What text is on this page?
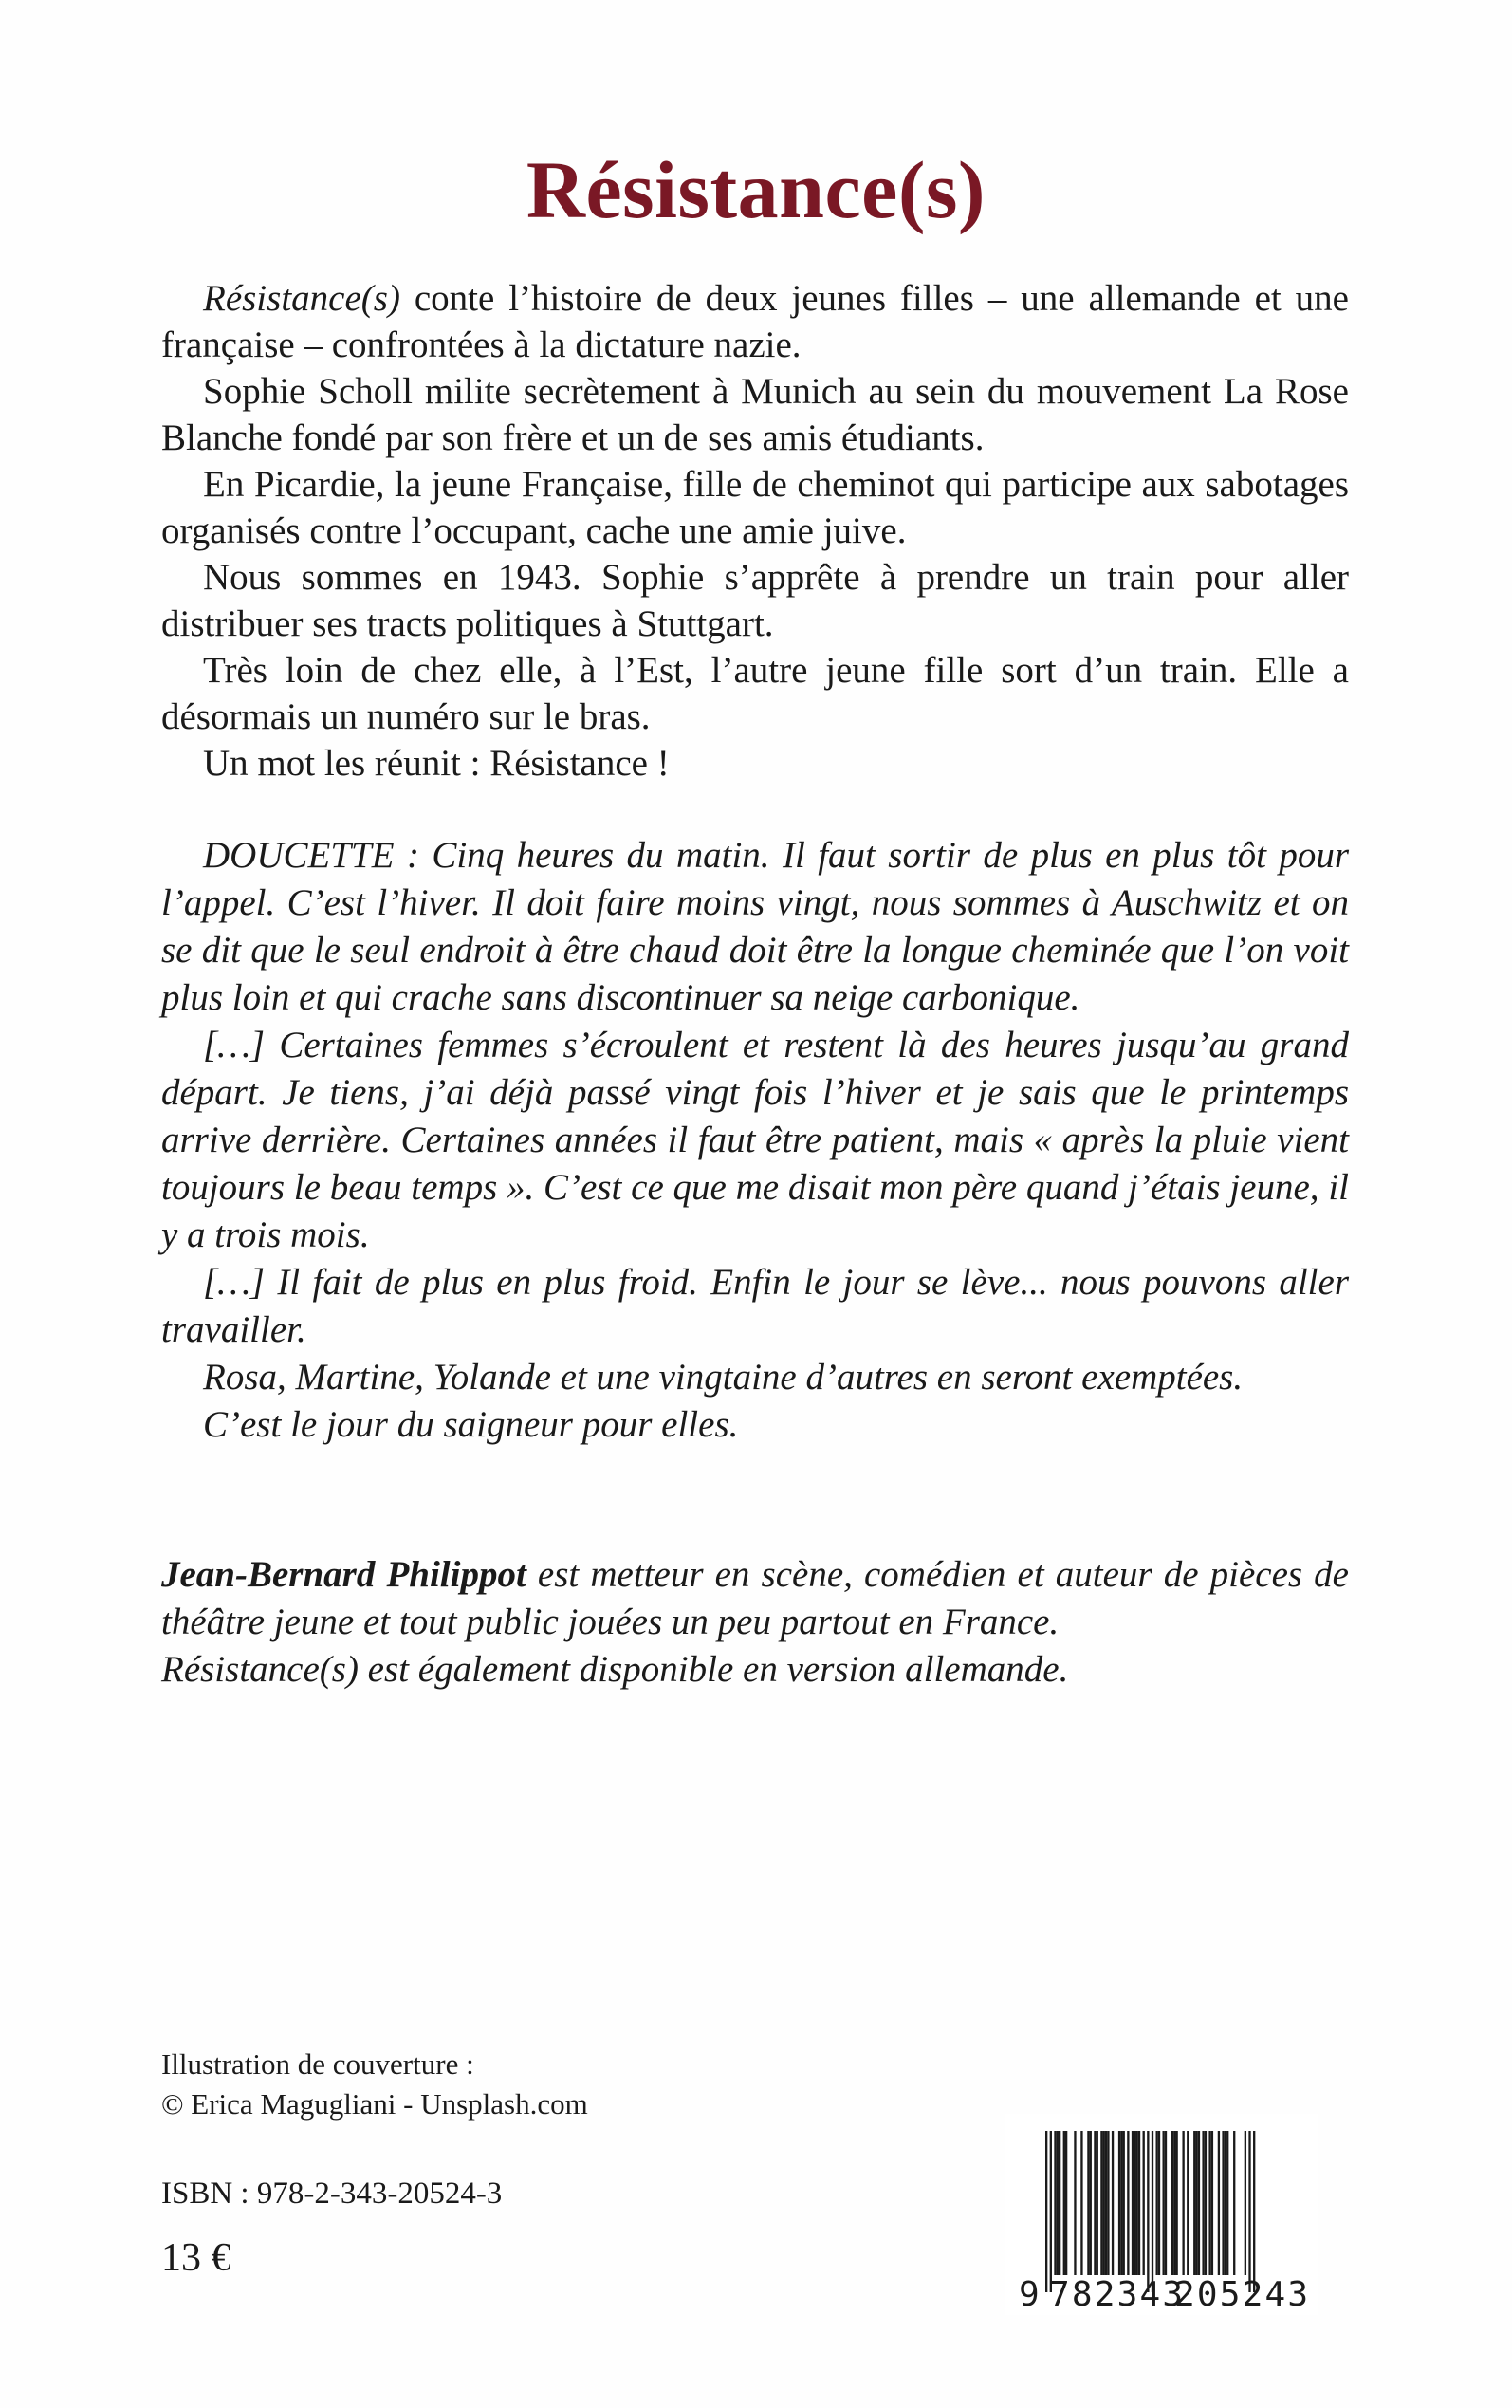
Résistance(s)

Résistance(s) conte l’histoire de deux jeunes filles – une allemande et une française – confrontées à la dictature nazie.

Sophie Scholl milite secrètement à Munich au sein du mouvement La Rose Blanche fondé par son frère et un de ses amis étudiants.

En Picardie, la jeune Française, fille de cheminot qui participe aux sabotages organisés contre l’occupant, cache une amie juive.

Nous sommes en 1943. Sophie s’apprête à prendre un train pour aller distribuer ses tracts politiques à Stuttgart.

Très loin de chez elle, à l’Est, l’autre jeune fille sort d’un train. Elle a désormais un numéro sur le bras.

Un mot les réunit : Résistance !

DOUCETTE : Cinq heures du matin. Il faut sortir de plus en plus tôt pour l’appel. C’est l’hiver. Il doit faire moins vingt, nous sommes à Auschwitz et on se dit que le seul endroit à être chaud doit être la longue cheminée que l’on voit plus loin et qui crache sans discontinuer sa neige carbonique.

[…] Certaines femmes s’écroulent et restent là des heures jusqu’au grand départ. Je tiens, j’ai déjà passé vingt fois l’hiver et je sais que le printemps arrive derrière. Certaines années il faut être patient, mais « après la pluie vient toujours le beau temps ». C’est ce que me disait mon père quand j’étais jeune, il y a trois mois.

[…] Il fait de plus en plus froid. Enfin le jour se lève... nous pouvons aller travailler.

Rosa, Martine, Yolande et une vingtaine d’autres en seront exemptées.

C’est le jour du saigneur pour elles.

Jean-Bernard Philippot est metteur en scène, comédien et auteur de pièces de théâtre jeune et tout public jouées un peu partout en France.

Résistance(s) est également disponible en version allemande.

Illustration de couverture :
© Erica Magugliani - Unsplash.com
ISBN : 978-2-343-20524-3
13 €
9 782343
205243
